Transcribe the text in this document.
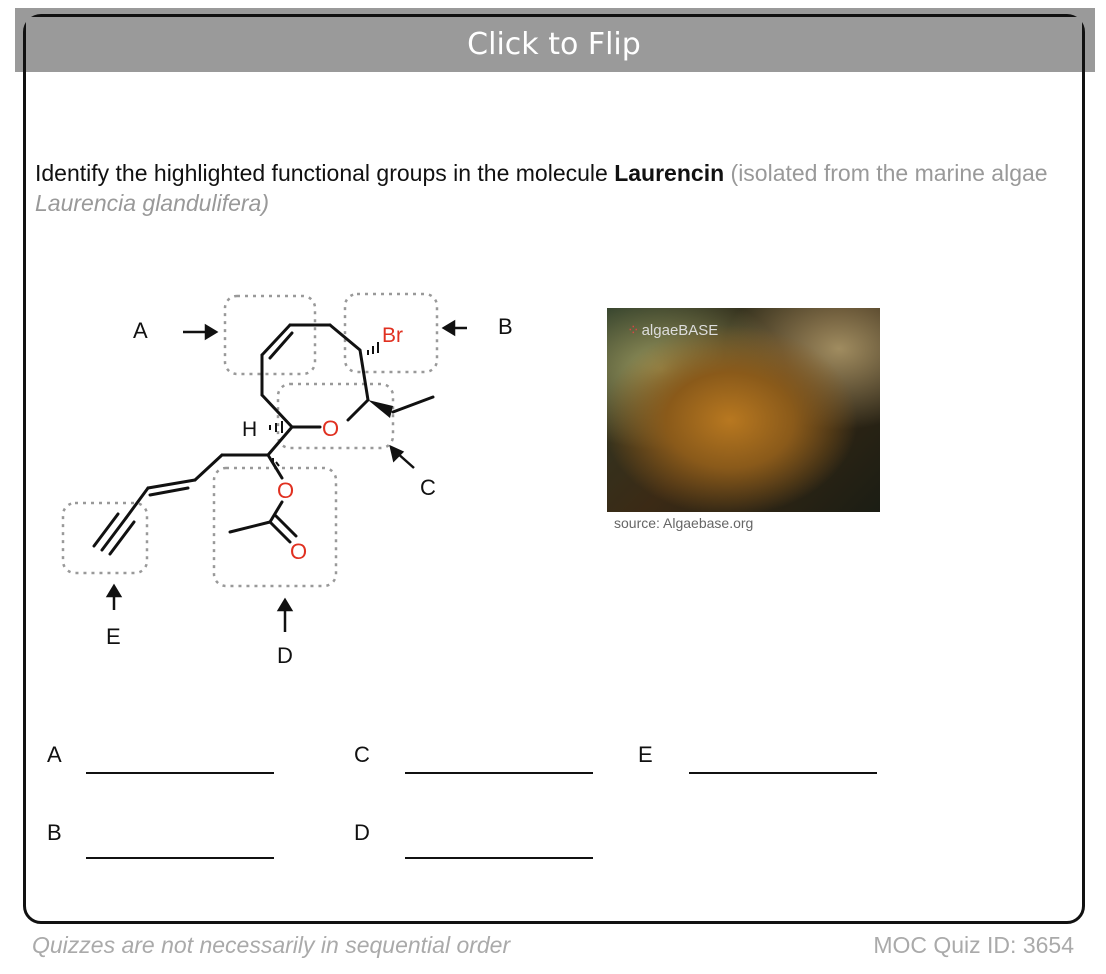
Click to Flip
Identify the highlighted functional groups in the molecule Laurencin (isolated from the marine algae Laurencia glandulifera)
Br
O
O
O
H
A	B
C
D
E
⁘ algaeBASE
source: Algaebase.org
A
B
C
D
E
Quizzes are not necessarily in sequential order	MOC Quiz ID: 3654
